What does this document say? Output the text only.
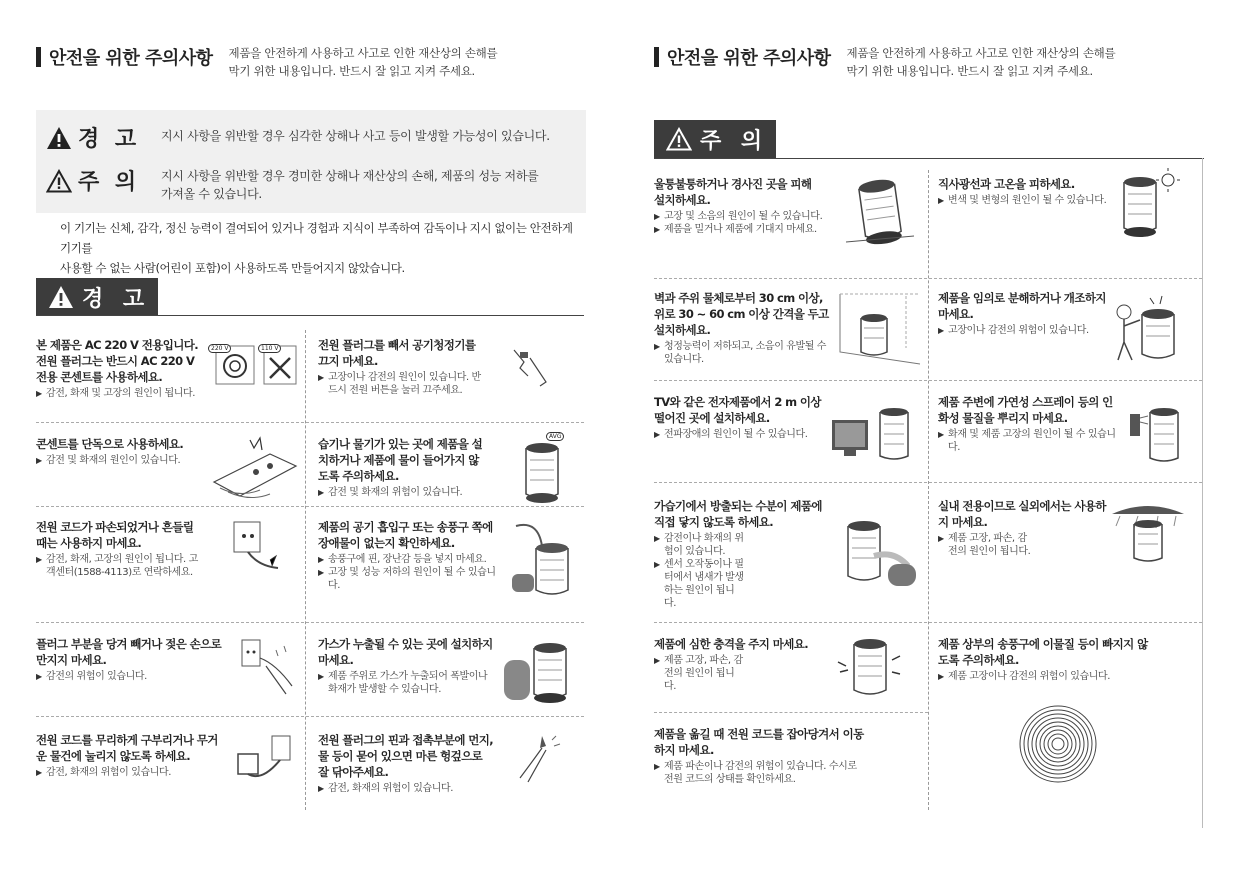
안전을 위한 주의사항 제품을 안전하게 사용하고 사고로 인한 재산상의 손해를
막기 위한 내용입니다. 반드시 잘 읽고 지켜 주세요.
경 고 지시 사항을 위반할 경우 심각한 상해나 사고 등이 발생할 가능성이 있습니다.
주 의 지시 사항을 위반할 경우 경미한 상해나 재산상의 손해, 제품의 성능 저하를
가져올 수 있습니다.
이 기기는 신체, 감각, 정신 능력이 결여되어 있거나 경험과 지식이 부족하여 감독이나 지시 없이는 안전하게 기기를
사용할 수 없는 사람(어린이 포함)이 사용하도록 만들어지지 않았습니다.
경 고
본 제품은 AC 220 V 전용입니다. 전원 플러그는 반드시 AC 220 V 전용 콘센트를 사용하세요.
▶ 감전, 화재 및 고장의 원인이 됩니다.
220 V	110 V	전원 플러그를 빼서 공기청정기를 끄지 마세요.
▶ 고장이나 감전의 원인이 있습니다. 반드시 전원 버튼을 눌러 끄주세요.
콘센트를 단독으로 사용하세요.
▶ 감전 및 화재의 원인이 있습니다.
습기나 물기가 있는 곳에 제품을 설치하거나 제품에 물이 들어가지 않도록 주의하세요.
▶ 감전 및 화재의 위험이 있습니다.
AVG
전원 코드가 파손되었거나 흔들릴 때는 사용하지 마세요.
▶ 감전, 화재, 고장의 원인이 됩니다. 고객센터(1588-4113)로 연락하세요.
제품의 공기 흡입구 또는 송풍구 쪽에 장애물이 없는지 확인하세요.
▶ 송풍구에 핀, 장난감 등을 넣지 마세요.
▶ 고장 및 성능 저하의 원인이 될 수 있습니다.
플러그 부분을 당겨 빼거나 젖은 손으로 만지지 마세요.
▶ 감전의 위험이 있습니다.
가스가 누출될 수 있는 곳에 설치하지 마세요.
▶ 제품 주위로 가스가 누출되어 폭발이나 화재가 발생할 수 있습니다.
전원 코드를 무리하게 구부리거나 무거운 물건에 눌리지 않도록 하세요.
▶ 감전, 화재의 위험이 있습니다.
전원 플러그의 핀과 접촉부분에 먼지, 물 등이 묻어 있으면 마른 헝겊으로 잘 닦아주세요.
▶ 감전, 화재의 위험이 있습니다.
안전을 위한 주의사항 제품을 안전하게 사용하고 사고로 인한 재산상의 손해를
막기 위한 내용입니다. 반드시 잘 읽고 지켜 주세요.
주 의
울퉁불퉁하거나 경사진 곳을 피해 설치하세요.
▶ 고장 및 소음의 원인이 될 수 있습니다.
▶ 제품을 밀거나 제품에 기대지 마세요.
직사광선과 고온을 피하세요.
▶ 변색 및 변형의 원인이 될 수 있습니다.
벽과 주위 물체로부터 30 cm 이상, 위로 30 ~ 60 cm 이상 간격을 두고 설치하세요.
▶ 청정능력이 저하되고, 소음이 유발될 수 있습니다.
제품을 임의로 분해하거나 개조하지 마세요.
▶ 고장이나 감전의 위험이 있습니다.
TV와 같은 전자제품에서 2 m 이상 떨어진 곳에 설치하세요.
▶ 전파장애의 원인이 될 수 있습니다.
제품 주변에 가연성 스프레이 등의 인화성 물질을 뿌리지 마세요.
▶ 화재 및 제품 고장의 원인이 될 수 있습니다.
가습기에서 방출되는 수분이 제품에 직접 닿지 않도록 하세요.
▶ 감전이나 화재의 위험이 있습니다.
▶ 센서 오작동이나 필터에서 냄새가 발생하는 원인이 됩니다.
실내 전용이므로 실외에서는 사용하지 마세요.
▶ 제품 고장, 파손, 감전의 원인이 됩니다.
제품에 심한 충격을 주지 마세요.
▶ 제품 고장, 파손, 감전의 원인이 됩니다.
제품 상부의 송풍구에 이물질 등이 빠지지 않도록 주의하세요.
▶ 제품 고장이나 감전의 위험이 있습니다.
제품을 옮길 때 전원 코드를 잡아당겨서 이동하지 마세요.
▶ 제품 파손이나 감전의 위험이 있습니다. 수시로 전원 코드의 상태를 확인하세요.
